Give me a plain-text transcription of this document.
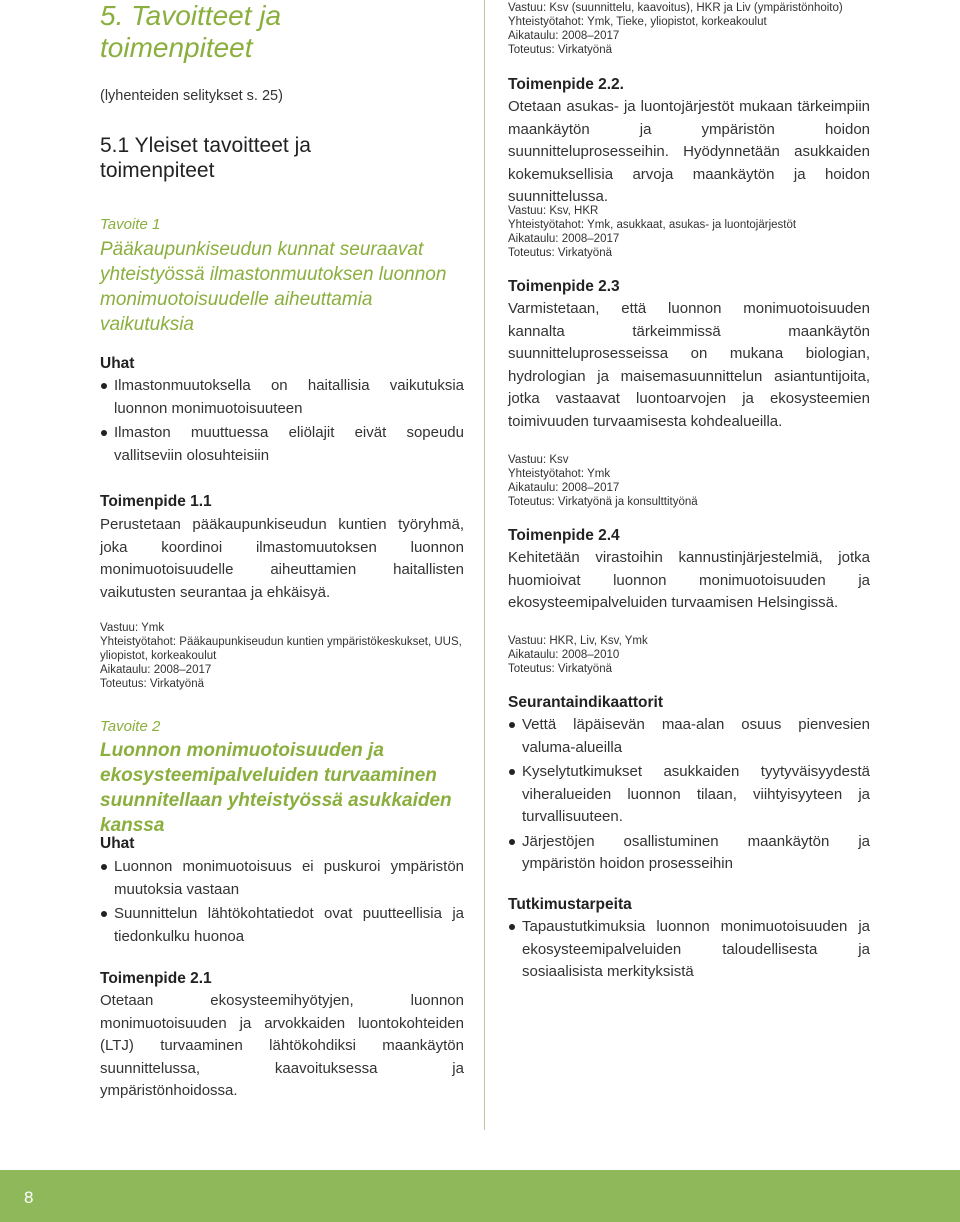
5. Tavoitteet ja toimenpiteet
(lyhenteiden selitykset s. 25)
5.1 Yleiset tavoitteet ja toimenpiteet
Tavoite 1
Pääkaupunkiseudun kunnat seuraavat yhteistyössä ilmastonmuutoksen luonnon monimuotoisuudelle aiheuttamia vaikutuksia
Uhat
Ilmastonmuutoksella on haitallisia vaikutuksia luonnon monimuotoisuuteen
Ilmaston muuttuessa eliölajit eivät sopeudu vallitseviin olosuhteisiin
Toimenpide 1.1
Perustetaan pääkaupunkiseudun kuntien työryhmä, joka koordinoi ilmastomuutoksen luonnon monimuotoisuudelle aiheuttamien haitallisten vaikutusten seurantaa ja ehkäisyä.
Vastuu: Ymk
Yhteistyötahot: Pääkaupunkiseudun kuntien ympäristökeskukset, UUS,
yliopistot, korkeakoulut
Aikataulu: 2008–2017
Toteutus: Virkatyönä
Tavoite 2
Luonnon monimuotoisuuden ja ekosysteemipalveluiden turvaaminen suunnitellaan yhteistyössä asukkaiden kanssa
Uhat
Luonnon monimuotoisuus ei puskuroi ympäristön muutoksia vastaan
Suunnittelun lähtökohtatiedot ovat puutteellisia ja tiedonkulku huonoa
Toimenpide 2.1
Otetaan ekosysteemihyötyjen, luonnon monimuotoisuuden ja arvokkaiden luontokohteiden (LTJ) turvaaminen lähtökohdiksi maankäytön suunnittelussa, kaavoituksessa ja ympäristönhoidossa.
Vastuu: Ksv (suunnittelu, kaavoitus), HKR ja Liv (ympäristönhoito)
Yhteistyötahot: Ymk, Tieke, yliopistot, korkeakoulut
Aikataulu: 2008–2017
Toteutus: Virkatyönä
Toimenpide 2.2.
Otetaan asukas- ja luontojärjestöt mukaan tärkeimpiin maankäytön ja ympäristön hoidon suunnitteluprosesseihin. Hyödynnetään asukkaiden kokemuksellisia arvoja maankäytön ja hoidon suunnittelussa.
Vastuu: Ksv, HKR
Yhteistyötahot: Ymk, asukkaat, asukas- ja luontojärjestöt
Aikataulu: 2008–2017
Toteutus: Virkatyönä
Toimenpide 2.3
Varmistetaan, että luonnon monimuotoisuuden kannalta tärkeimmissä maankäytön suunnitteluprosesseissa on mukana biologian, hydrologian ja maisemasuunnittelun asiantuntijoita, jotka vastaavat luontoarvojen ja ekosysteemien toimivuuden turvaamisesta kohdealueilla.
Vastuu: Ksv
Yhteistyötahot: Ymk
Aikataulu: 2008–2017
Toteutus: Virkatyönä ja konsulttityönä
Toimenpide 2.4
Kehitetään virastoihin kannustinjärjestelmiä, jotka huomioivat luonnon monimuotoisuuden ja ekosysteemipalveluiden turvaamisen Helsingissä.
Vastuu: HKR, Liv, Ksv, Ymk
Aikataulu: 2008–2010
Toteutus: Virkatyönä
Seurantaindikaattorit
Vettä läpäisevän maa-alan osuus pienvesien valuma-alueilla
Kyselytutkimukset asukkaiden tyytyväisyydestä viheralueiden luonnon tilaan, viihtyisyyteen ja turvallisuuteen.
Järjestöjen osallistuminen maankäytön ja ympäristön hoidon prosesseihin
Tutkimustarpeita
Tapaustutkimuksia luonnon monimuotoisuuden ja ekosysteemipalveluiden taloudellisesta ja sosiaalisista merkityksistä
8
